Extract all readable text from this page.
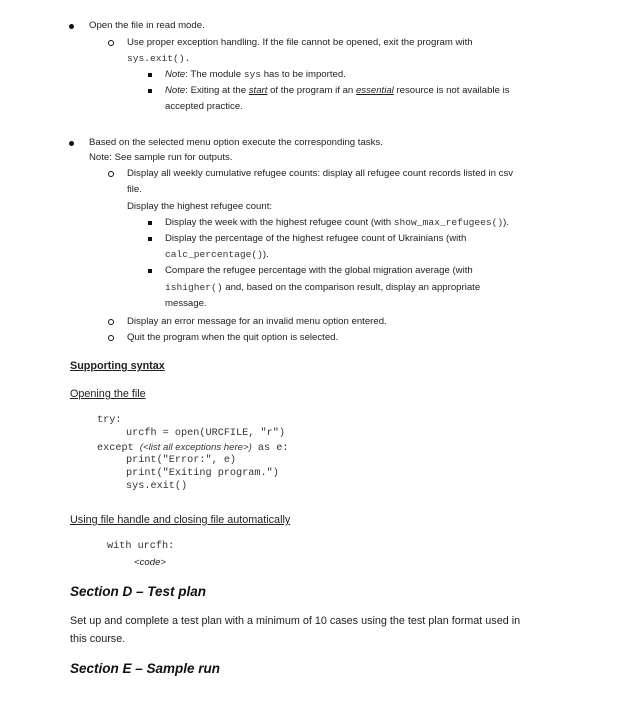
Open the file in read mode.
Use proper exception handling. If the file cannot be opened, exit the program with
sys.exit().
Note: The module sys has to be imported.
Note: Exiting at the start of the program if an essential resource is not available is
accepted practice.
Based on the selected menu option execute the corresponding tasks.
Note: See sample run for outputs.
Display all weekly cumulative refugee counts: display all refugee count records listed in csv
file.
Display the highest refugee count:
Display the week with the highest refugee count (with show_max_refugees()).
Display the percentage of the highest refugee count of Ukrainians (with
calc_percentage()).
Compare the refugee percentage with the global migration average (with
ishigher() and, based on the comparison result, display an appropriate
message.
Display an error message for an invalid menu option entered.
Quit the program when the quit option is selected.
Supporting syntax
Opening the file
try:
urcfh = open(URCFILE, "r")
except (<list all exceptions here>) as e:
print("Error:", e)
print("Exiting program.")
sys.exit()
Using file handle and closing file automatically
with urcfh:
<code>
Section D – Test plan
Set up and complete a test plan with a minimum of 10 cases using the test plan format used in
this course.
Section E – Sample run
